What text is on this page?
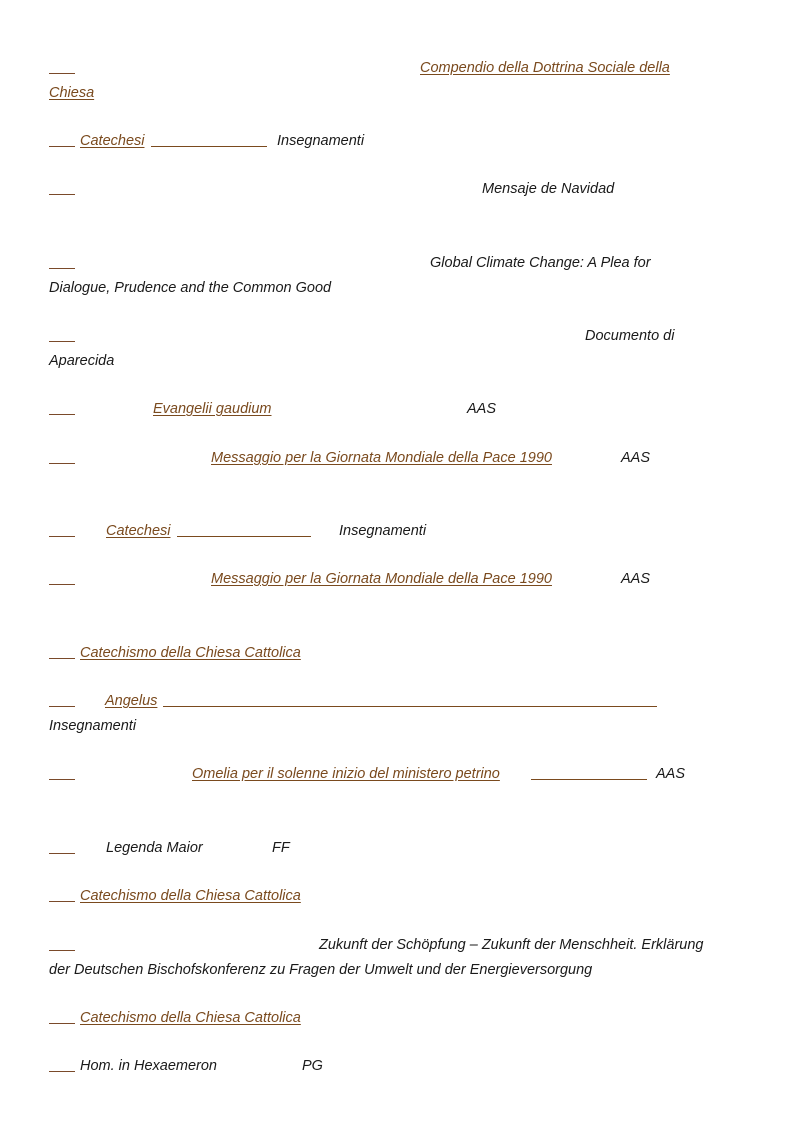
Compendio della Dottrina Sociale della
Chiesa
Catechesi	Insegnamenti
Mensaje de Navidad
Global Climate Change: A Plea for
Dialogue, Prudence and the Common Good
Documento di
Aparecida
Evangelii gaudium	AAS
Messaggio per la Giornata Mondiale della Pace 1990	AAS
Catechesi	Insegnamenti
Messaggio per la Giornata Mondiale della Pace 1990	AAS
Catechismo della Chiesa Cattolica
Angelus
Insegnamenti
Omelia per il solenne inizio del ministero petrino	AAS
Legenda Maior	FF
Catechismo della Chiesa Cattolica
Zukunft der Schöpfung – Zukunft der Menschheit. Erklärung
der Deutschen Bischofskonferenz zu Fragen der Umwelt und der Energieversorgung
Catechismo della Chiesa Cattolica
Hom. in Hexaemeron	PG
